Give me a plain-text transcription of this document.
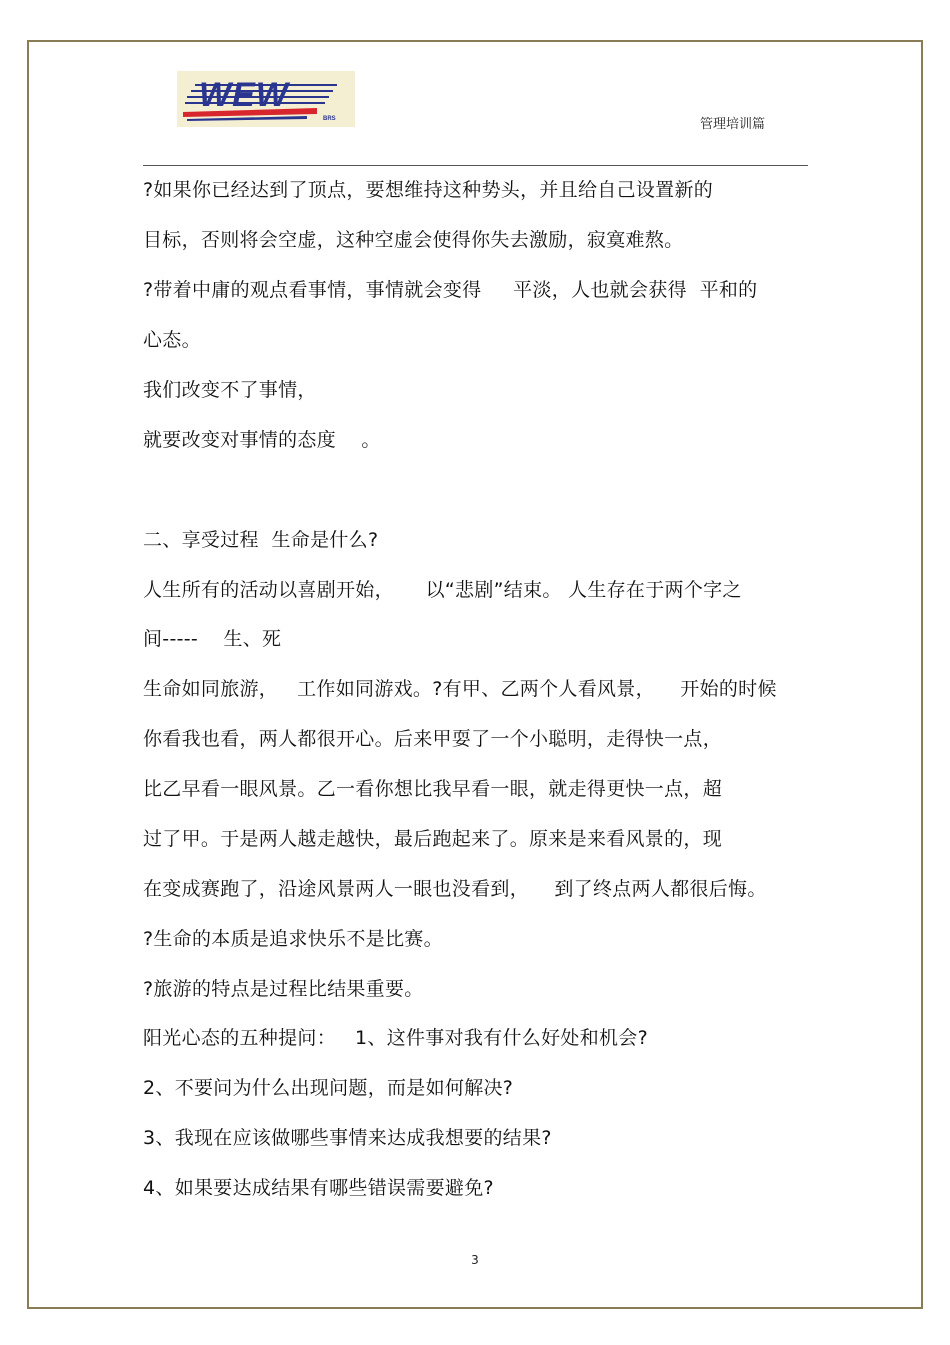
WEW
BRS	管理培训篇
?如果你已经达到了顶点，要想维持这种势头，并且给自己设置新的
目标，否则将会空虚，这种空虚会使得你失去激励，寂寞难熬。
?带着中庸的观点看事情，事情就会变得     平淡，人也就会获得  平和的
心态。
我们改变不了事情，
就要改变对事情的态度    。
二、享受过程  生命是什么?
人生所有的活动以喜剧开始，     以“悲剧”结束。 人生存在于两个字之
间-----    生、死
生命如同旅游，   工作如同游戏。?有甲、乙两个人看风景，    开始的时候
你看我也看，两人都很开心。后来甲耍了一个小聪明，走得快一点，
比乙早看一眼风景。乙一看你想比我早看一眼，就走得更快一点，超
过了甲。于是两人越走越快，最后跑起来了。原来是来看风景的，现
在变成赛跑了，沿途风景两人一眼也没看到，    到了终点两人都很后悔。
?生命的本质是追求快乐不是比赛。
?旅游的特点是过程比结果重要。
阳光心态的五种提问：   1、这件事对我有什么好处和机会?
2、不要问为什么出现问题，而是如何解决?
3、我现在应该做哪些事情来达成我想要的结果?
4、如果要达成结果有哪些错误需要避免?
3
